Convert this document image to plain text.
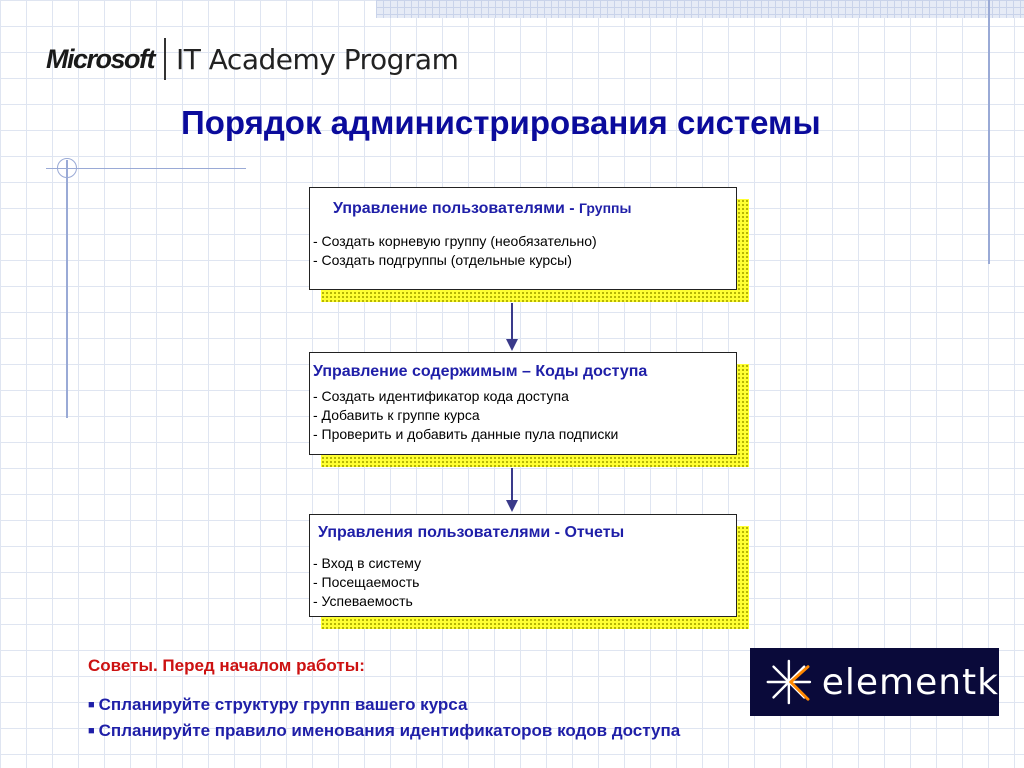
Microsoft IT Academy Program
Порядок администрирования системы
Управление пользователями - Группы
- Создать корневую группу (необязательно)
- Создать подгруппы (отдельные курсы)
Управление содержимым – Коды доступа
- Создать идентификатор кода доступа
- Добавить к группе курса
- Проверить и добавить данные пула подписки
Управления пользователями - Отчеты
- Вход в систему
- Посещаемость
- Успеваемость
Советы. Перед началом работы:
■ Спланируйте структуру групп вашего курса
■ Спланируйте правило именования идентификаторов кодов доступа
elementk
